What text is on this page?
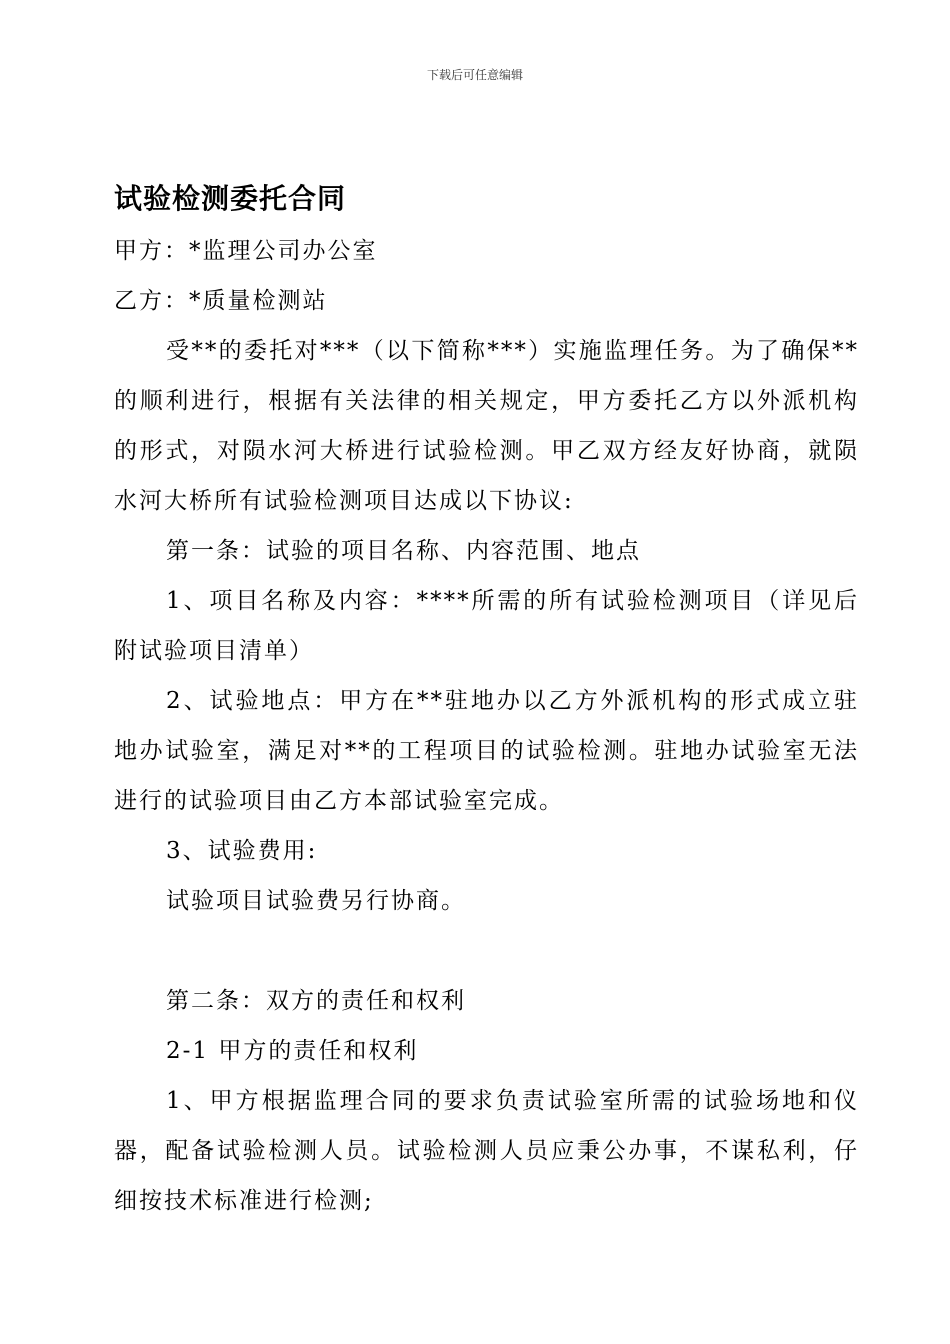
下载后可任意编辑
试验检测委托合同

甲方：*监理公司办公室

乙方：*质量检测站

受**的委托对***（以下简称***）实施监理任务。为了确保**的顺利进行，根据有关法律的相关规定，甲方委托乙方以外派机构的形式，对陨水河大桥进行试验检测。甲乙双方经友好协商，就陨水河大桥所有试验检测项目达成以下协议:

第一条：试验的项目名称、内容范围、地点

1、项目名称及内容：****所需的所有试验检测项目（详见后附试验项目清单）

2、试验地点：甲方在**驻地办以乙方外派机构的形式成立驻地办试验室，满足对**的工程项目的试验检测。驻地办试验室无法进行的试验项目由乙方本部试验室完成。

3、试验费用:

试验项目试验费另行协商。

第二条：双方的责任和权利

2-1 甲方的责任和权利

1、甲方根据监理合同的要求负责试验室所需的试验场地和仪器，配备试验检测人员。试验检测人员应秉公办事，不谋私利，仔细按技术标准进行检测;
